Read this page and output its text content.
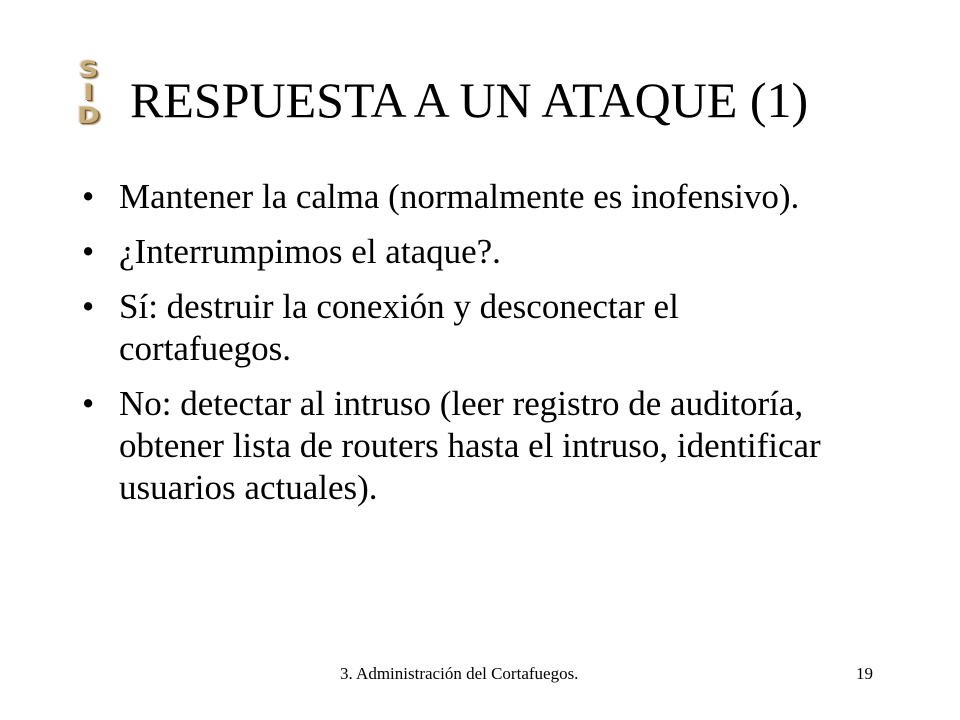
S
I
D RESPUESTA A UN ATAQUE (1)
• Mantener la calma (normalmente es inofensivo).
• ¿Interrumpimos el ataque?.
• Sí: destruir la conexión y desconectar el cortafuegos.
• No: detectar al intruso (leer registro de auditoría, obtener lista de routers hasta el intruso, identificar usuarios actuales).
3. Administración del Cortafuegos.	19
